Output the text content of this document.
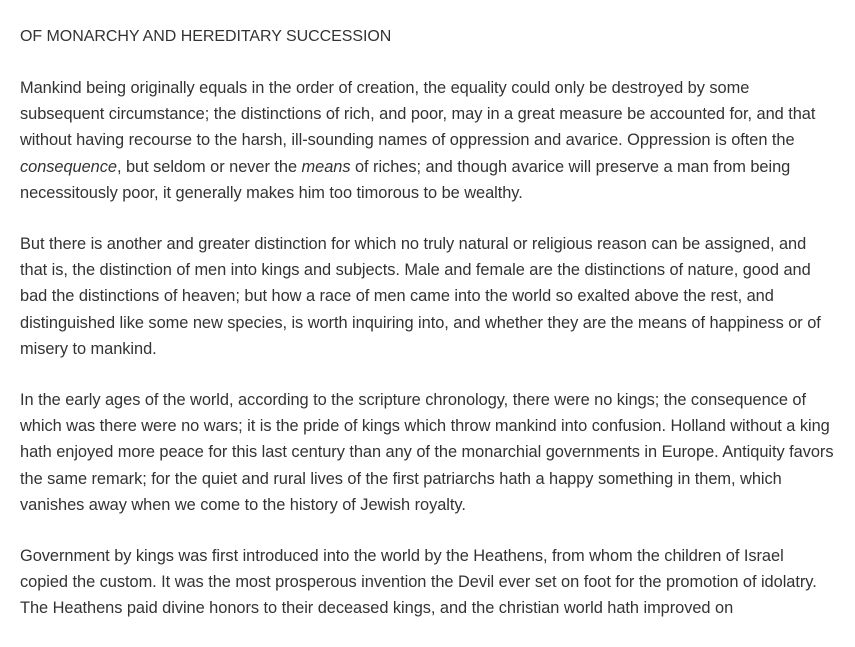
OF MONARCHY AND HEREDITARY SUCCESSION

Mankind being originally equals in the order of creation, the equality could only be destroyed by some subsequent circumstance; the distinctions of rich, and poor, may in a great measure be accounted for, and that without having recourse to the harsh, ill-sounding names of oppression and avarice. Oppression is often the consequence, but seldom or never the means of riches; and though avarice will preserve a man from being necessitously poor, it generally makes him too timorous to be wealthy.

But there is another and greater distinction for which no truly natural or religious reason can be assigned, and that is, the distinction of men into kings and subjects. Male and female are the distinctions of nature, good and bad the distinctions of heaven; but how a race of men came into the world so exalted above the rest, and distinguished like some new species, is worth inquiring into, and whether they are the means of happiness or of misery to mankind.

In the early ages of the world, according to the scripture chronology, there were no kings; the consequence of which was there were no wars; it is the pride of kings which throw mankind into confusion. Holland without a king hath enjoyed more peace for this last century than any of the monarchial governments in Europe. Antiquity favors the same remark; for the quiet and rural lives of the first patriarchs hath a happy something in them, which vanishes away when we come to the history of Jewish royalty.

Government by kings was first introduced into the world by the Heathens, from whom the children of Israel copied the custom. It was the most prosperous invention the Devil ever set on foot for the promotion of idolatry. The Heathens paid divine honors to their deceased kings, and the christian world hath improved on
